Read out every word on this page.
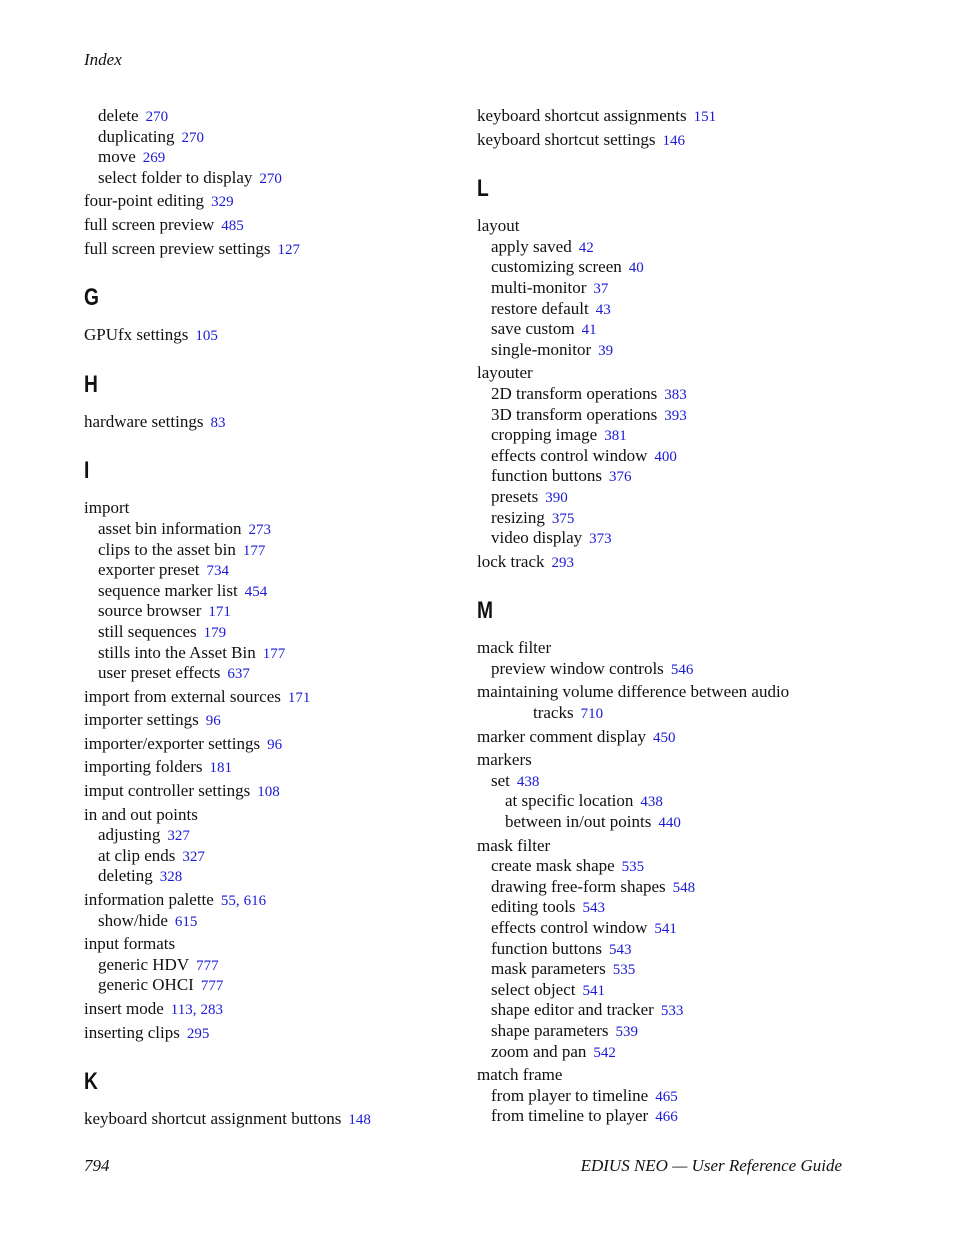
Index
delete 270
duplicating 270
move 269
select folder to display 270
four-point editing 329
full screen preview 485
full screen preview settings 127
G
GPUfx settings 105
H
hardware settings 83
I
import
asset bin information 273
clips to the asset bin 177
exporter preset 734
sequence marker list 454
source browser 171
still sequences 179
stills into the Asset Bin 177
user preset effects 637
import from external sources 171
importer settings 96
importer/exporter settings 96
importing folders 181
imput controller settings 108
in and out points
adjusting 327
at clip ends 327
deleting 328
information palette 55, 616
show/hide 615
input formats
generic HDV 777
generic OHCI 777
insert mode 113, 283
inserting clips 295
K
keyboard shortcut assignment buttons 148
keyboard shortcut assignments 151
keyboard shortcut settings 146
L
layout
apply saved 42
customizing screen 40
multi-monitor 37
restore default 43
save custom 41
single-monitor 39
layouter
2D transform operations 383
3D transform operations 393
cropping image 381
effects control window 400
function buttons 376
presets 390
resizing 375
video display 373
lock track 293
M
mack filter
preview window controls 546
maintaining volume difference between audio
tracks 710
marker comment display 450
markers
set 438
at specific location 438
between in/out points 440
mask filter
create mask shape 535
drawing free-form shapes 548
editing tools 543
effects control window 541
function buttons 543
mask parameters 535
select object 541
shape editor and tracker 533
shape parameters 539
zoom and pan 542
match frame
from player to timeline 465
from timeline to player 466
794	EDIUS NEO — User Reference Guide
